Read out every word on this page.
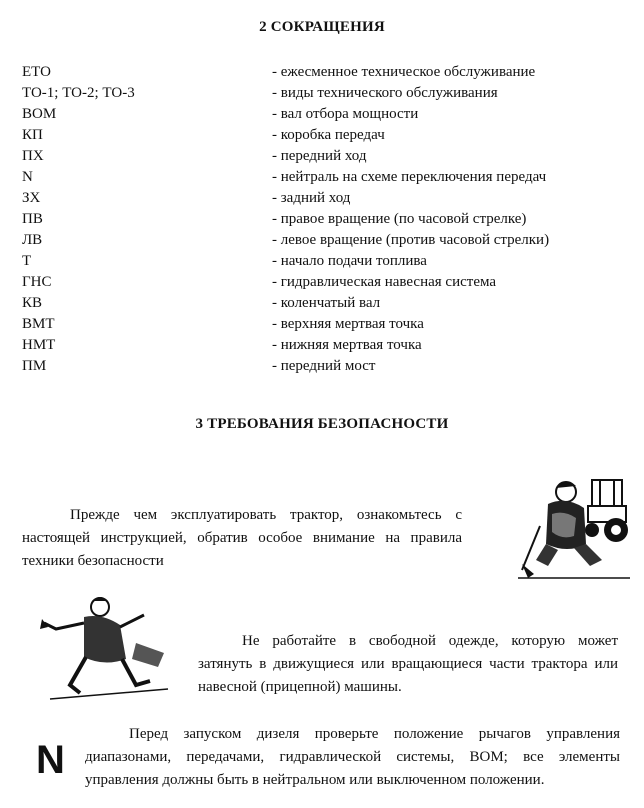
2 СОКРАЩЕНИЯ
ЕТО	- ежесменное техническое обслуживание
ТО-1; ТО-2; ТО-3	- виды технического обслуживания
ВОМ	- вал отбора мощности
КП	- коробка передач
ПХ	- передний ход
N	- нейтраль на схеме переключения передач
ЗХ	- задний ход
ПВ	- правое вращение (по часовой стрелке)
ЛВ	- левое вращение (против часовой стрелки)
Т	- начало подачи топлива
ГНС	- гидравлическая навесная система
КВ	- коленчатый вал
ВМТ	- верхняя мертвая точка
НМТ	- нижняя мертвая точка
ПМ	- передний мост
3 ТРЕБОВАНИЯ БЕЗОПАСНОСТИ
Прежде чем эксплуатировать трактор, ознакомьтесь с настоящей инструкцией, обратив особое внимание на правила техники безопасности
Не работайте в свободной одежде, которую может затянуть в движущиеся или вращающиеся части трактора или навесной (прицепной) машины.
N
Перед запуском дизеля проверьте положение рычагов управления диапазонами, передачами, гидравлической системы, ВОМ; все элементы управления должны быть в нейтральном или выключенном положении.
